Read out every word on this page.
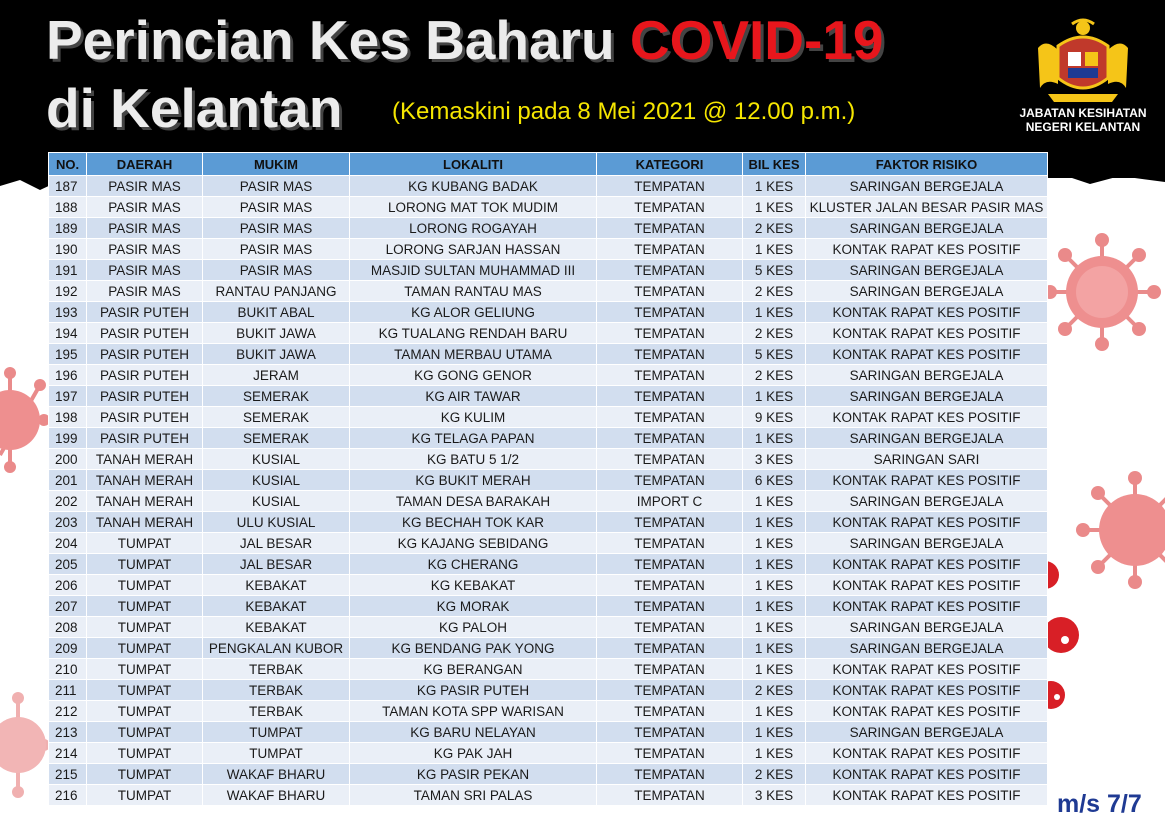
Perincian Kes Baharu COVID-19
di Kelantan (Kemaskini pada 8 Mei 2021 @ 12.00 p.m.)	JABATAN KESIHATAN
NEGERI KELANTAN
NO.	DAERAH	MUKIM	LOKALITI	KATEGORI	BIL KES	FAKTOR RISIKO
187	PASIR MAS	PASIR MAS	KG KUBANG BADAK	TEMPATAN	1 KES	SARINGAN BERGEJALA
188	PASIR MAS	PASIR MAS	LORONG MAT TOK MUDIM	TEMPATAN	1 KES	KLUSTER JALAN BESAR PASIR MAS
189	PASIR MAS	PASIR MAS	LORONG ROGAYAH	TEMPATAN	2 KES	SARINGAN BERGEJALA
190	PASIR MAS	PASIR MAS	LORONG SARJAN HASSAN	TEMPATAN	1 KES	KONTAK RAPAT KES POSITIF
191	PASIR MAS	PASIR MAS	MASJID SULTAN MUHAMMAD III	TEMPATAN	5 KES	SARINGAN BERGEJALA
192	PASIR MAS	RANTAU PANJANG	TAMAN RANTAU MAS	TEMPATAN	2 KES	SARINGAN BERGEJALA
193	PASIR PUTEH	BUKIT ABAL	KG ALOR GELIUNG	TEMPATAN	1 KES	KONTAK RAPAT KES POSITIF
194	PASIR PUTEH	BUKIT JAWA	KG TUALANG RENDAH BARU	TEMPATAN	2 KES	KONTAK RAPAT KES POSITIF
195	PASIR PUTEH	BUKIT JAWA	TAMAN MERBAU UTAMA	TEMPATAN	5 KES	KONTAK RAPAT KES POSITIF
196	PASIR PUTEH	JERAM	KG GONG GENOR	TEMPATAN	2 KES	SARINGAN BERGEJALA
197	PASIR PUTEH	SEMERAK	KG AIR TAWAR	TEMPATAN	1 KES	SARINGAN BERGEJALA
198	PASIR PUTEH	SEMERAK	KG KULIM	TEMPATAN	9 KES	KONTAK RAPAT KES POSITIF
199	PASIR PUTEH	SEMERAK	KG TELAGA PAPAN	TEMPATAN	1 KES	SARINGAN BERGEJALA
200	TANAH MERAH	KUSIAL	KG BATU 5 1/2	TEMPATAN	3 KES	SARINGAN SARI
201	TANAH MERAH	KUSIAL	KG BUKIT MERAH	TEMPATAN	6 KES	KONTAK RAPAT KES POSITIF
202	TANAH MERAH	KUSIAL	TAMAN DESA BARAKAH	IMPORT C	1 KES	SARINGAN BERGEJALA
203	TANAH MERAH	ULU KUSIAL	KG BECHAH TOK KAR	TEMPATAN	1 KES	KONTAK RAPAT KES POSITIF
204	TUMPAT	JAL BESAR	KG KAJANG SEBIDANG	TEMPATAN	1 KES	SARINGAN BERGEJALA
205	TUMPAT	JAL BESAR	KG CHERANG	TEMPATAN	1 KES	KONTAK RAPAT KES POSITIF
206	TUMPAT	KEBAKAT	KG KEBAKAT	TEMPATAN	1 KES	KONTAK RAPAT KES POSITIF
207	TUMPAT	KEBAKAT	KG MORAK	TEMPATAN	1 KES	KONTAK RAPAT KES POSITIF
208	TUMPAT	KEBAKAT	KG PALOH	TEMPATAN	1 KES	SARINGAN BERGEJALA
209	TUMPAT	PENGKALAN KUBOR	KG BENDANG PAK YONG	TEMPATAN	1 KES	SARINGAN BERGEJALA
210	TUMPAT	TERBAK	KG BERANGAN	TEMPATAN	1 KES	KONTAK RAPAT KES POSITIF
211	TUMPAT	TERBAK	KG PASIR PUTEH	TEMPATAN	2 KES	KONTAK RAPAT KES POSITIF
212	TUMPAT	TERBAK	TAMAN KOTA SPP WARISAN	TEMPATAN	1 KES	KONTAK RAPAT KES POSITIF
213	TUMPAT	TUMPAT	KG BARU NELAYAN	TEMPATAN	1 KES	SARINGAN BERGEJALA
214	TUMPAT	TUMPAT	KG PAK JAH	TEMPATAN	1 KES	KONTAK RAPAT KES POSITIF
215	TUMPAT	WAKAF BHARU	KG PASIR PEKAN	TEMPATAN	2 KES	KONTAK RAPAT KES POSITIF
216	TUMPAT	WAKAF BHARU	TAMAN SRI PALAS	TEMPATAN	3 KES	KONTAK RAPAT KES POSITIF m/s 7/7
